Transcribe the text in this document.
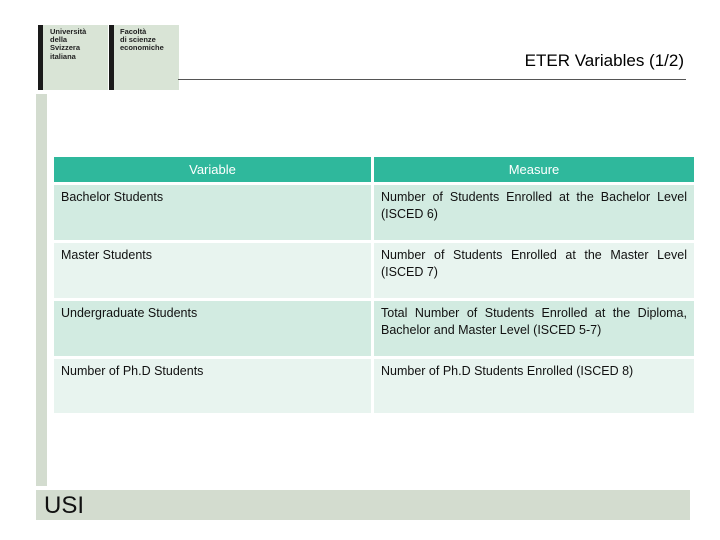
Università
della
Svizzera
italiana
Facoltà
di scienze
economiche
ETER Variables (1/2)
Variable	Measure
Bachelor Students	Number of Students Enrolled at the Bachelor Level (ISCED 6)
Master Students	Number of Students Enrolled at the Master Level (ISCED 7)
Undergraduate Students	Total Number of Students Enrolled at the Diploma, Bachelor and Master Level (ISCED 5-7)
Number of Ph.D Students	Number of Ph.D Students Enrolled (ISCED 8)
USI
